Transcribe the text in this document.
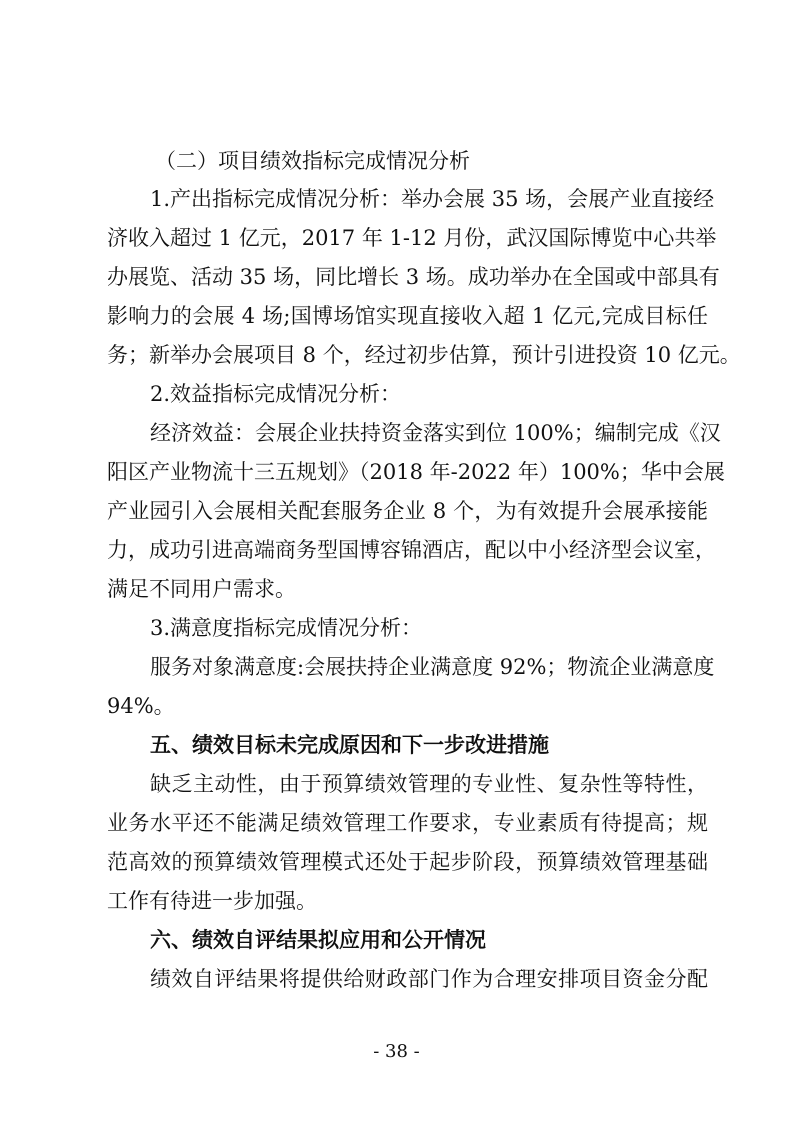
（二）项目绩效指标完成情况分析
1.产出指标完成情况分析：举办会展 35 场，会展产业直接经
济收入超过 1 亿元，2017 年 1-12 月份，武汉国际博览中心共举
办展览、活动 35 场，同比增长 3 场。成功举办在全国或中部具有
影响力的会展 4 场;国博场馆实现直接收入超 1 亿元,完成目标任
务；新举办会展项目 8 个，经过初步估算，预计引进投资 10 亿元。
2.效益指标完成情况分析：
经济效益：会展企业扶持资金落实到位 100%；编制完成《汉
阳区产业物流十三五规划》（2018 年-2022 年）100%；华中会展
产业园引入会展相关配套服务企业 8 个，为有效提升会展承接能
力，成功引进高端商务型国博容锦酒店，配以中小经济型会议室，
满足不同用户需求。
3.满意度指标完成情况分析：
服务对象满意度:会展扶持企业满意度 92%；物流企业满意度
94%。
五、绩效目标未完成原因和下一步改进措施
缺乏主动性，由于预算绩效管理的专业性、复杂性等特性，
业务水平还不能满足绩效管理工作要求，专业素质有待提高；规
范高效的预算绩效管理模式还处于起步阶段，预算绩效管理基础
工作有待进一步加强。
六、绩效自评结果拟应用和公开情况
绩效自评结果将提供给财政部门作为合理安排项目资金分配
- 38 -
